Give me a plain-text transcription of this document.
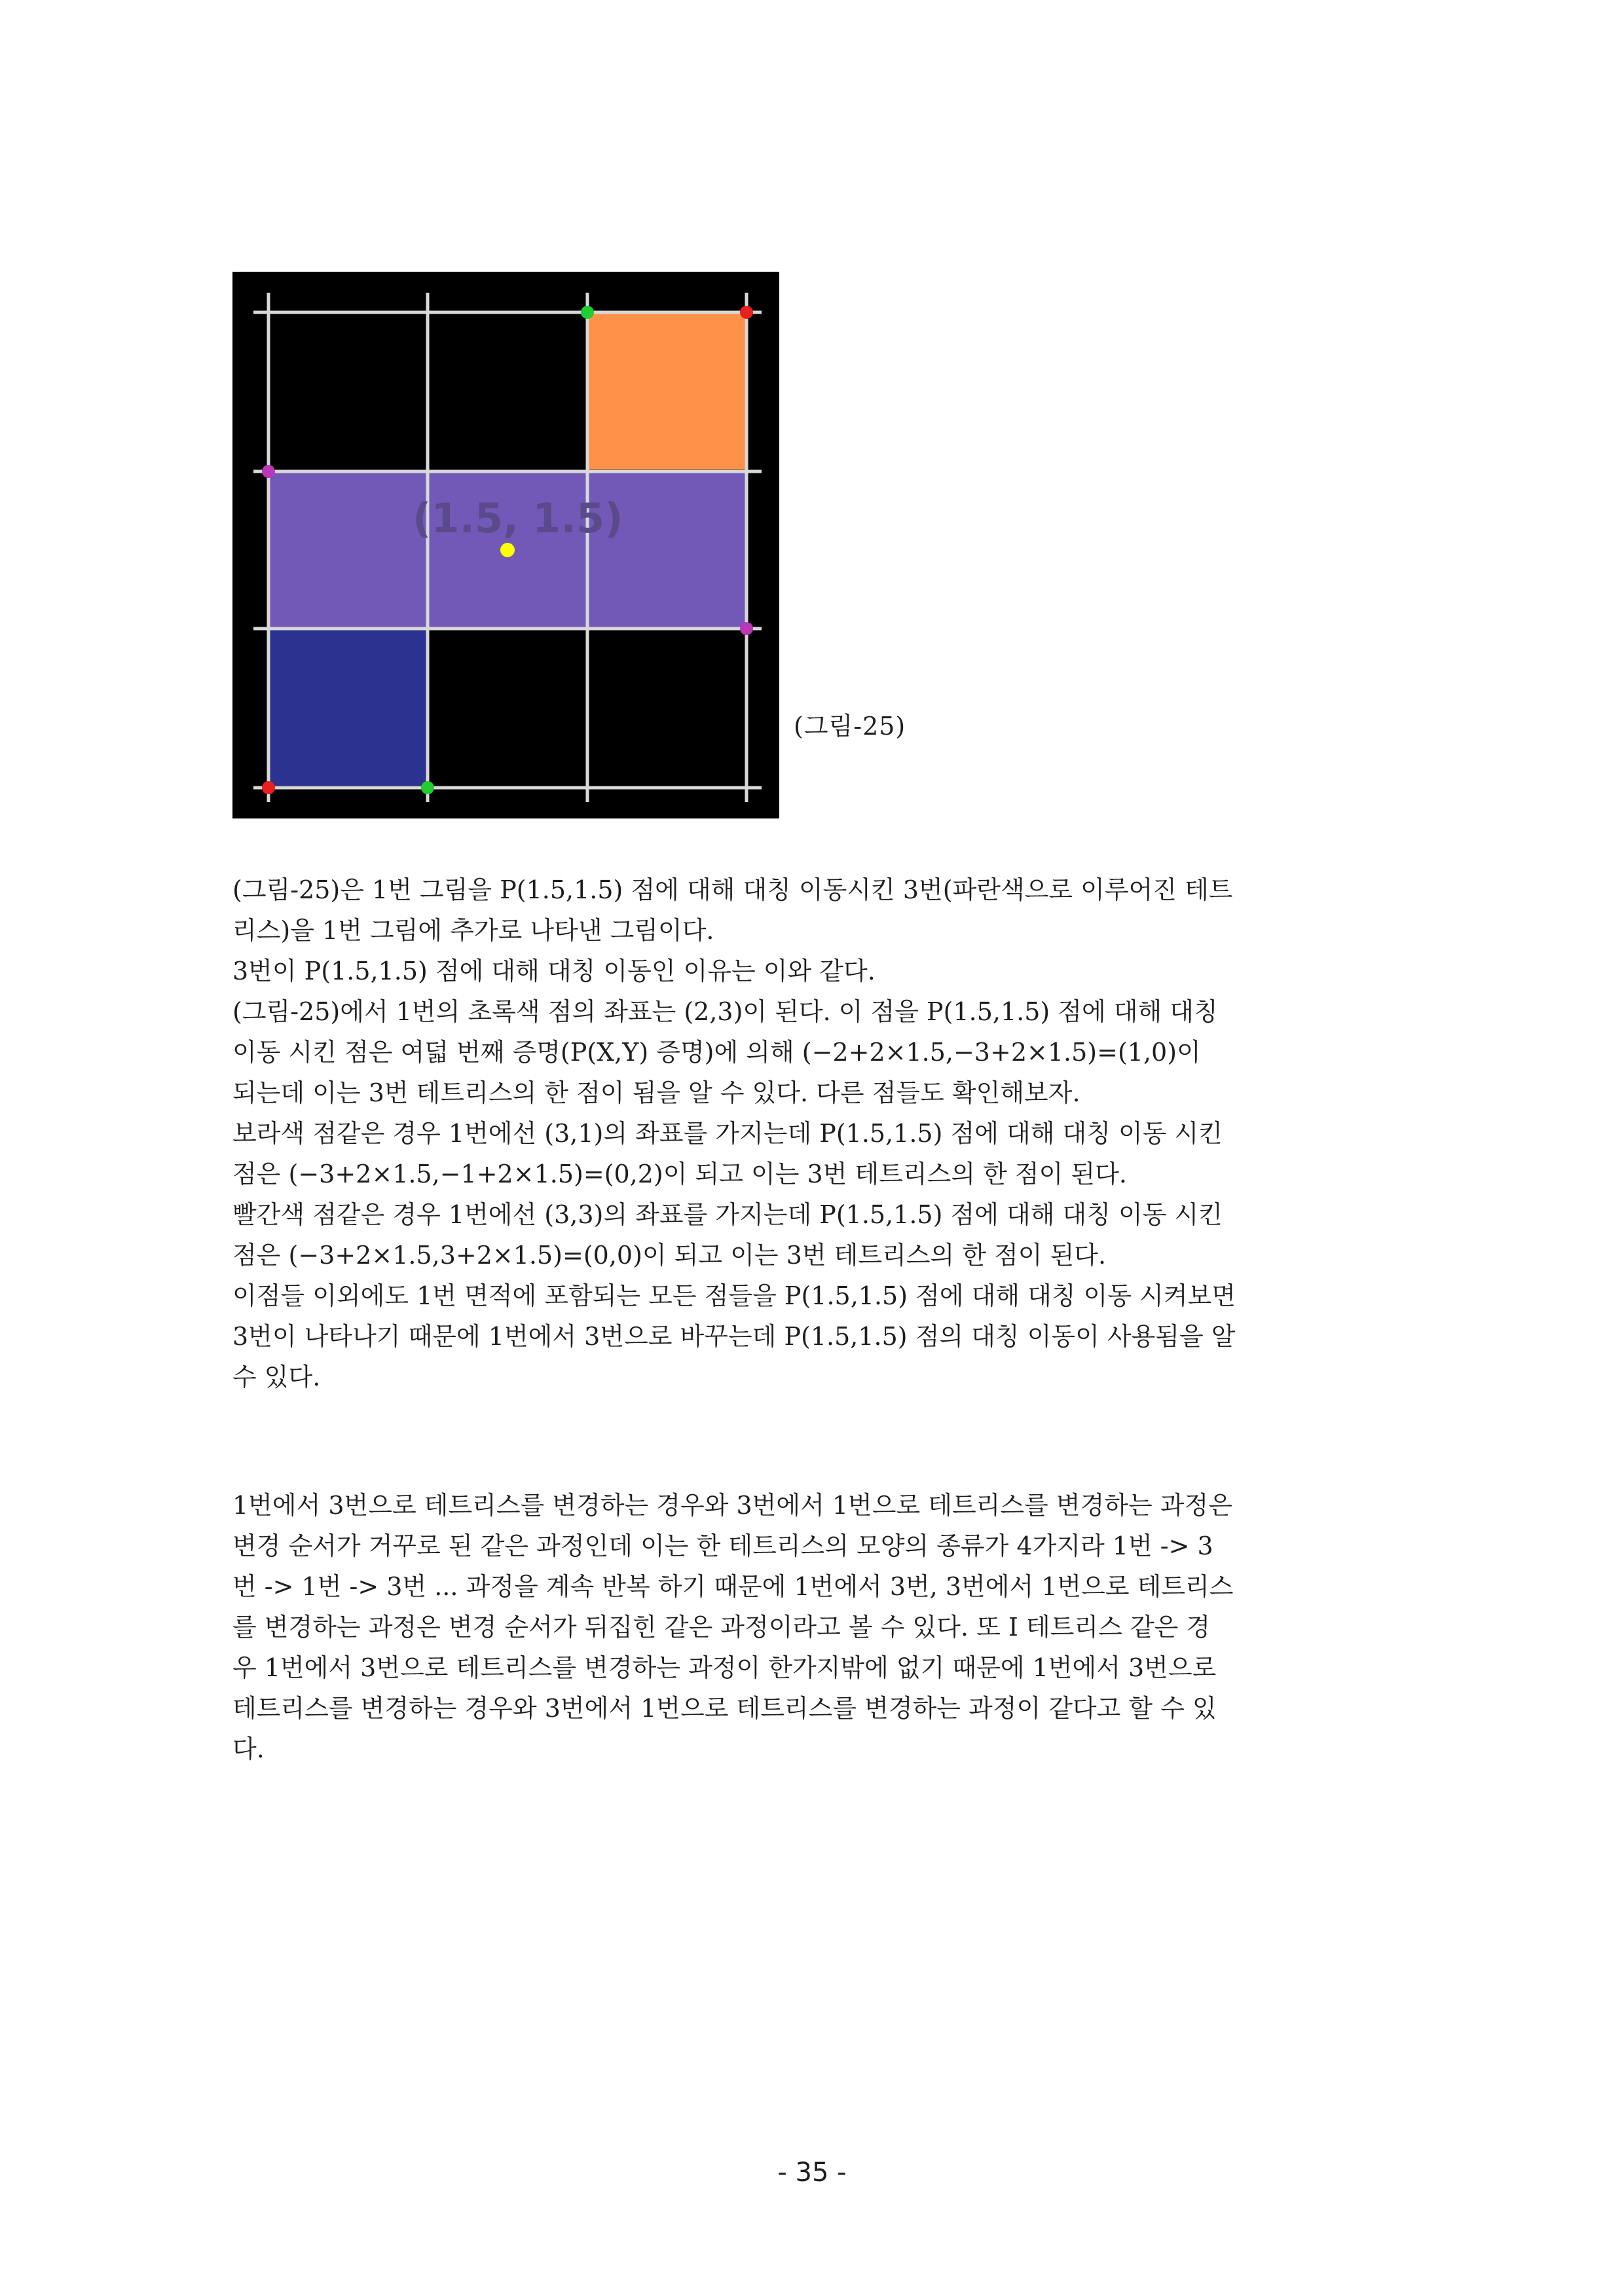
(1.5, 1.5)
(그림-25)
(그림-25)은 1번 그림을 P(1.5,1.5) 점에 대해 대칭 이동시킨 3번(파란색으로 이루어진 테트
리스)을 1번 그림에 추가로 나타낸 그림이다.
3번이 P(1.5,1.5) 점에 대해 대칭 이동인 이유는 이와 같다.
(그림-25)에서 1번의 초록색 점의 좌표는 (2,3)이 된다. 이 점을 P(1.5,1.5) 점에 대해 대칭
이동 시킨 점은 여덟 번째 증명(P(X,Y) 증명)에 의해 (−2+2×1.5,−3+2×1.5)=(1,0)이
되는데 이는 3번 테트리스의 한 점이 됨을 알 수 있다. 다른 점들도 확인해보자.
보라색 점같은 경우 1번에선 (3,1)의 좌표를 가지는데 P(1.5,1.5) 점에 대해 대칭 이동 시킨
점은 (−3+2×1.5,−1+2×1.5)=(0,2)이 되고 이는 3번 테트리스의 한 점이 된다.
빨간색 점같은 경우 1번에선 (3,3)의 좌표를 가지는데 P(1.5,1.5) 점에 대해 대칭 이동 시킨
점은 (−3+2×1.5,3+2×1.5)=(0,0)이 되고 이는 3번 테트리스의 한 점이 된다.
이점들 이외에도 1번 면적에 포함되는 모든 점들을 P(1.5,1.5) 점에 대해 대칭 이동 시켜보면
3번이 나타나기 때문에 1번에서 3번으로 바꾸는데 P(1.5,1.5) 점의 대칭 이동이 사용됨을 알
수 있다.
1번에서 3번으로 테트리스를 변경하는 경우와 3번에서 1번으로 테트리스를 변경하는 과정은
변경 순서가 거꾸로 된 같은 과정인데 이는 한 테트리스의 모양의 종류가 4가지라 1번 -> 3
번 -> 1번 -> 3번 ... 과정을 계속 반복 하기 때문에 1번에서 3번, 3번에서 1번으로 테트리스
를 변경하는 과정은 변경 순서가 뒤집힌 같은 과정이라고 볼 수 있다. 또 I 테트리스 같은 경
우 1번에서 3번으로 테트리스를 변경하는 과정이 한가지밖에 없기 때문에 1번에서 3번으로
테트리스를 변경하는 경우와 3번에서 1번으로 테트리스를 변경하는 과정이 같다고 할 수 있
다.
- 35 -
